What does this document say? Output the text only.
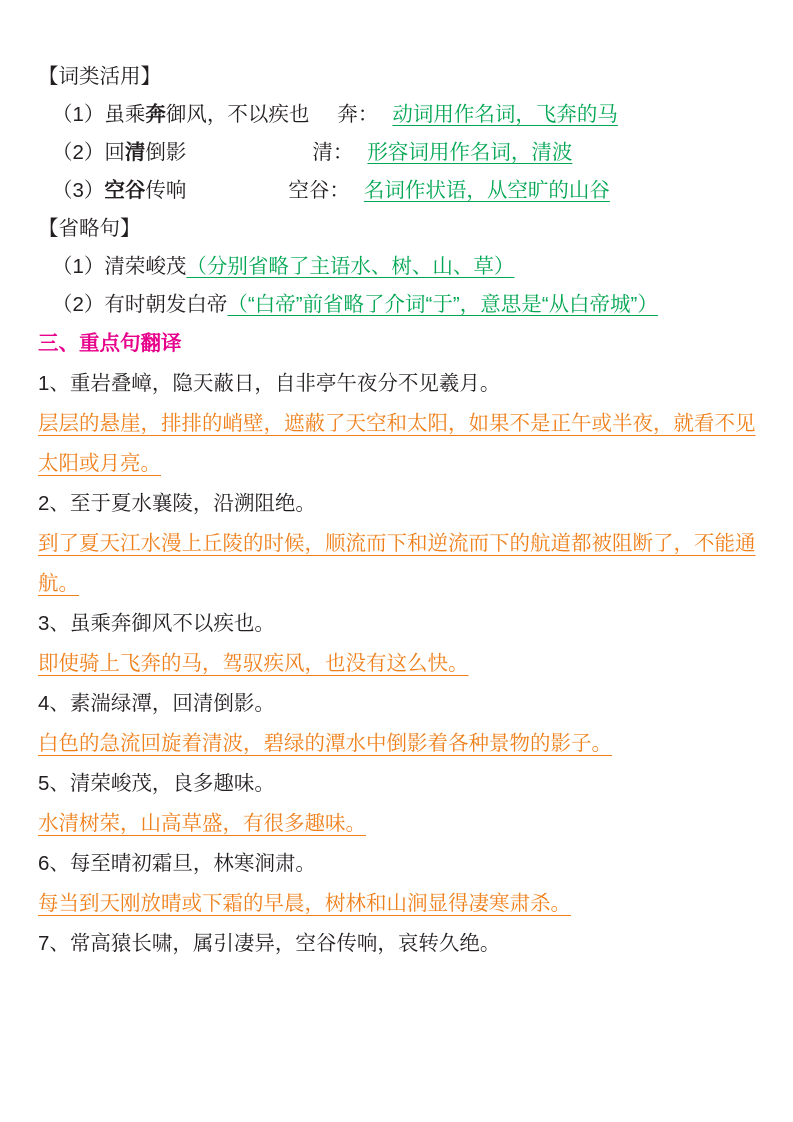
【词类活用】
（1）虽乘奔御风，不以疾也 奔： 动词用作名词，飞奔的马
（2）回清倒影	清： 形容词用作名词，清波
（3）空谷传响	空谷： 名词作状语，从空旷的山谷
【省略句】
（1）清荣峻茂（分别省略了主语水、树、山、草）
（2）有时朝发白帝（“白帝”前省略了介词“于”，意思是“从白帝城”）
三、重点句翻译
1、重岩叠嶂，隐天蔽日，自非亭午夜分不见羲月。
层层的悬崖，排排的峭壁，遮蔽了天空和太阳，如果不是正午或半夜，就看不见太阳或月亮。
2、至于夏水襄陵，沿溯阻绝。
到了夏天江水漫上丘陵的时候，顺流而下和逆流而下的航道都被阻断了，不能通航。
3、虽乘奔御风不以疾也。
即使骑上飞奔的马，驾驭疾风，也没有这么快。
4、素湍绿潭，回清倒影。
白色的急流回旋着清波，碧绿的潭水中倒影着各种景物的影子。
5、清荣峻茂，良多趣味。
水清树荣，山高草盛，有很多趣味。
6、每至晴初霜旦，林寒涧肃。
每当到天刚放晴或下霜的早晨，树林和山涧显得凄寒肃杀。
7、常高猿长啸，属引凄异，空谷传响，哀转久绝。
